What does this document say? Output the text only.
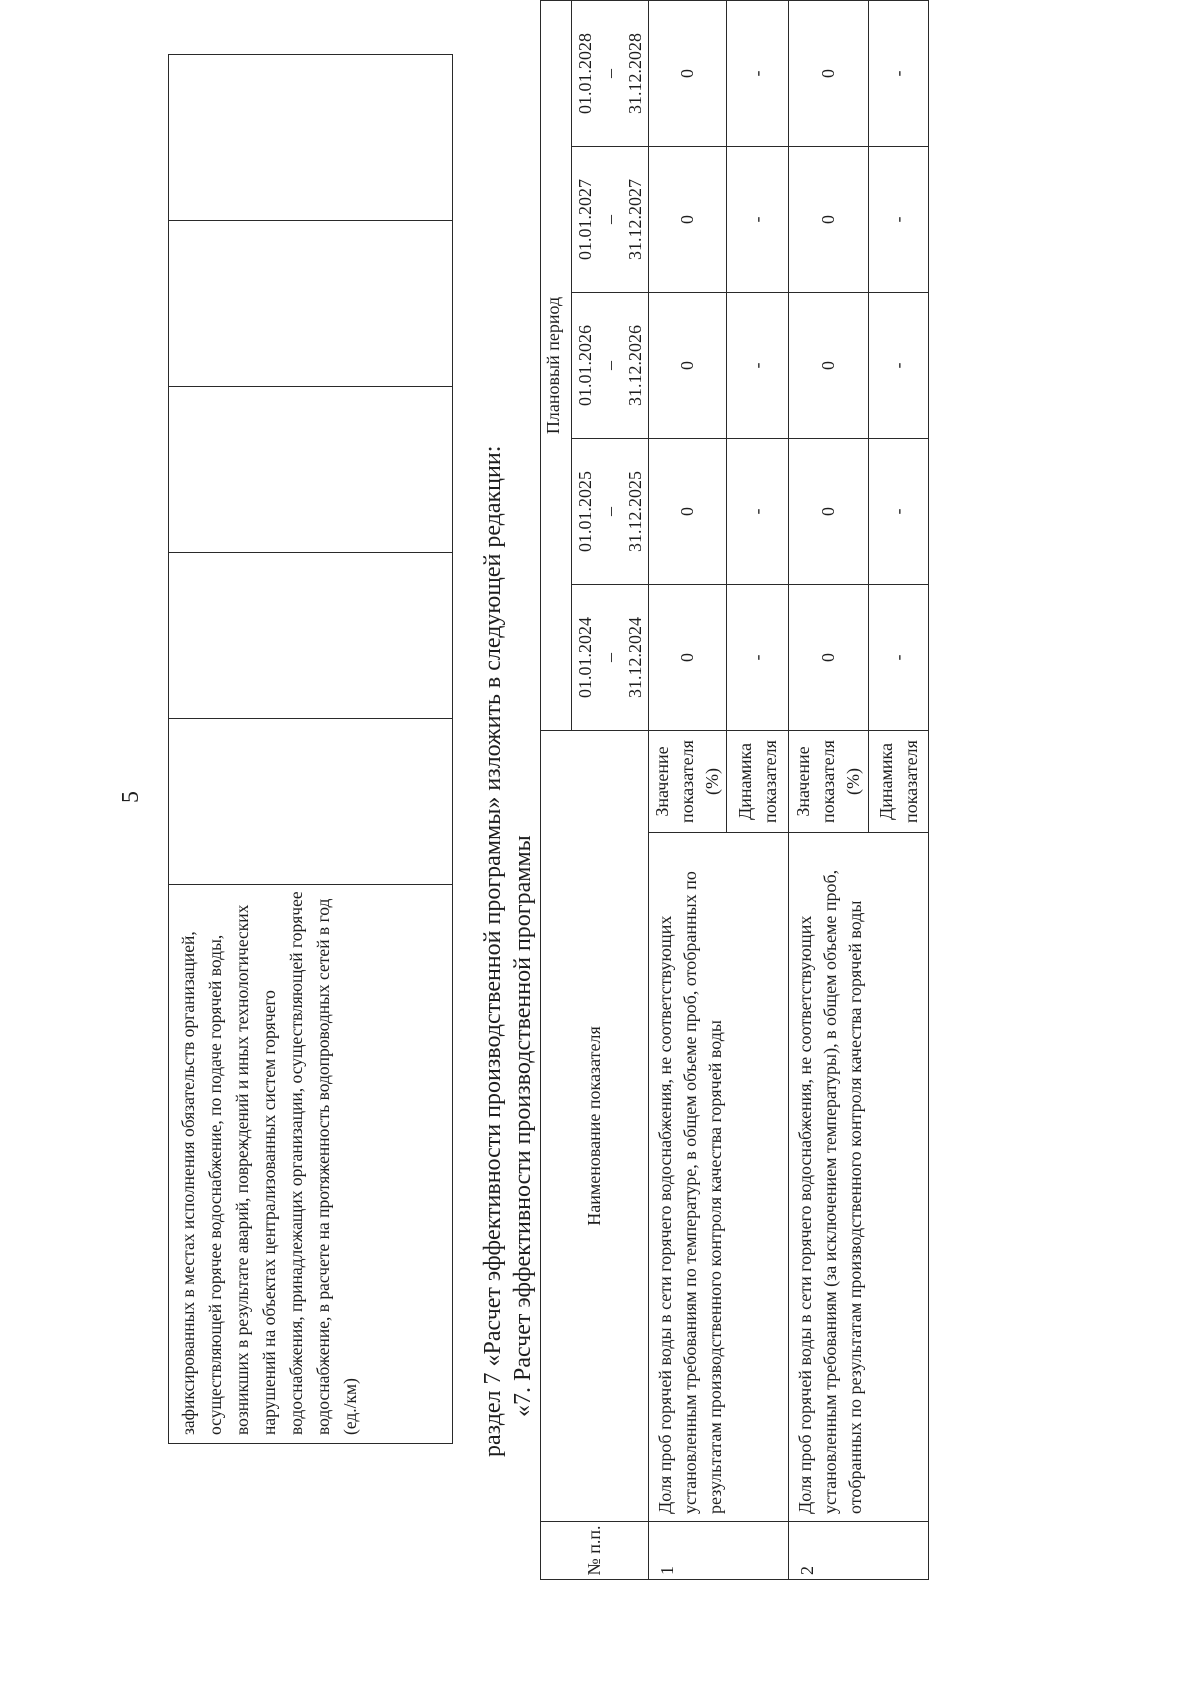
5

зафиксированных в местах исполнения обязательств организацией, осуществляющей горячее водоснабжение, по подаче горячей воды, возникших в результате аварий, повреждений и иных технологических нарушений на объектах централизованных систем горячего водоснабжения, принадлежащих организации, осуществляющей горячее водоснабжение, в расчете на протяженность водопроводных сетей в год (ед./км)

						раздел 7 «Расчет эффективности производственной программы» изложить в следующей редакции: «7. Расчет эффективности производственной программы
№ п.п.	Наименование показателя		Плановый период				

			01.01.2024 – 31.12.2024	01.01.2025 – 31.12.2025	01.01.2026 – 31.12.2026	01.01.2027 – 31.12.2027	01.01.2028 – 31.12.2028

1	Доля проб горячей воды в сети горячего водоснабжения, не соответствующих установленным требованиям по температуре, в общем объеме проб, отобранных по результатам производственного контроля качества горячей воды	Значение показателя (%)	0	0	0	0	0
		Динамика показателя	-	-	-	-	-
2	Доля проб горячей воды в сети горячего водоснабжения, не соответствующих установленным требованиям (за исключением температуры), в общем объеме проб, отобранных по результатам производственного контроля качества горячей воды	Значение показателя (%)	0	0	0	0	0
		Динамика показателя	-	-	-	-	-
